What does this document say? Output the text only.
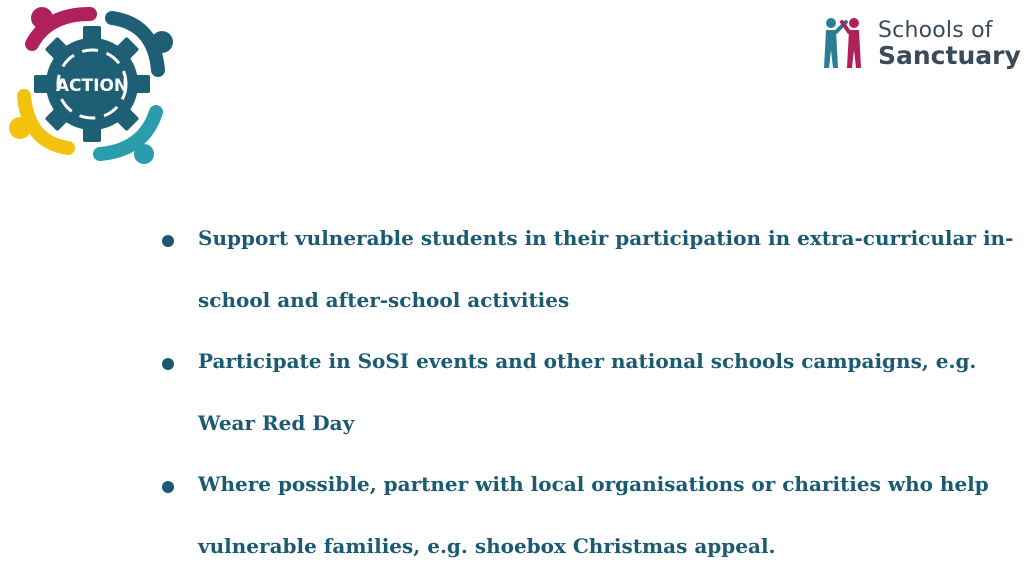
ACTION
Schools of
Sanctuary
Support vulnerable students in their participation in extra-curricular in-school and after-school activities
Participate in SoSI events and other national schools campaigns, e.g. Wear Red Day
Where possible, partner with local organisations or charities who help vulnerable families, e.g. shoebox Christmas appeal.
